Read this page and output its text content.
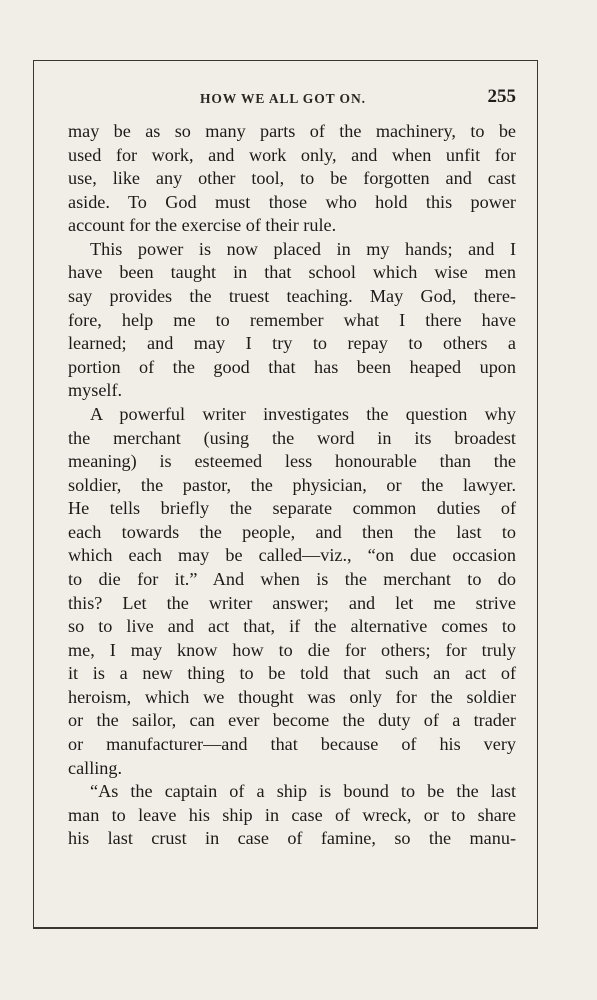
HOW WE ALL GOT ON.	255
may be as so many parts of the machinery, to be
used for work, and work only, and when unfit for
use, like any other tool, to be forgotten and cast
aside. To God must those who hold this power
account for the exercise of their rule.
This power is now placed in my hands; and I
have been taught in that school which wise men
say provides the truest teaching. May God, there-
fore, help me to remember what I there have
learned; and may I try to repay to others a
portion of the good that has been heaped upon
myself.
A powerful writer investigates the question why
the merchant (using the word in its broadest
meaning) is esteemed less honourable than the
soldier, the pastor, the physician, or the lawyer.
He tells briefly the separate common duties of
each towards the people, and then the last to
which each may be called—viz., “on due occasion
to die for it.” And when is the merchant to do
this? Let the writer answer; and let me strive
so to live and act that, if the alternative comes to
me, I may know how to die for others; for truly
it is a new thing to be told that such an act of
heroism, which we thought was only for the soldier
or the sailor, can ever become the duty of a trader
or manufacturer—and that because of his very
calling.
“As the captain of a ship is bound to be the last
man to leave his ship in case of wreck, or to share
his last crust in case of famine, so the manu-
